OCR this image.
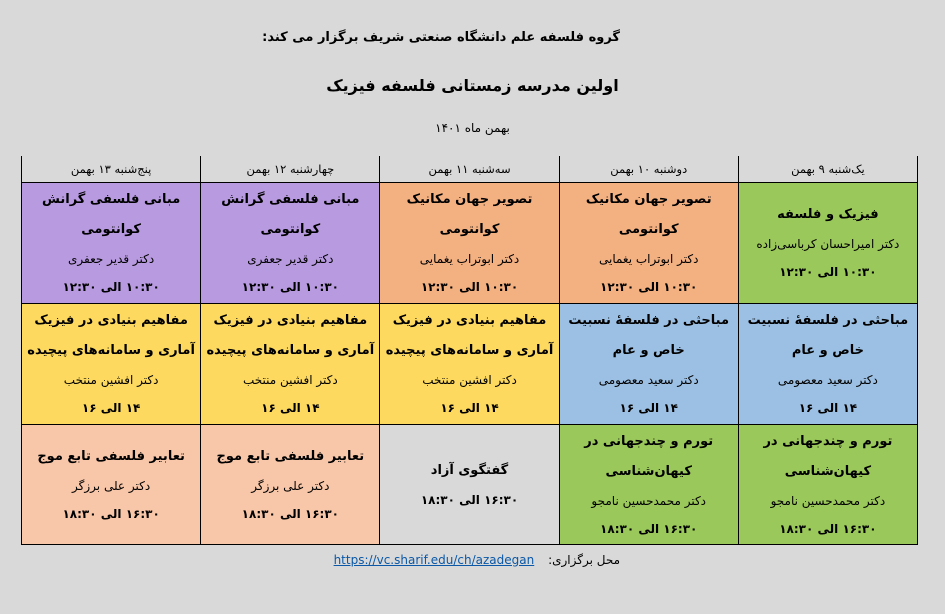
گروه فلسفه علم دانشگاه صنعتی شریف برگزار می کند:
اولین مدرسه زمستانی فلسفه فیزیک
بهمن ماه ۱۴۰۱
یک‌شنبه ۹ بهمن	دوشنبه ۱۰ بهمن	سه‌شنبه ۱۱ بهمن	چهارشنبه ۱۲ بهمن	پنج‌شنبه ۱۳ بهمن

فیزیک و فلسفه
دکتر امیراحسان کرباسی‌زاده
۱۰:۳۰ الی ۱۲:۳۰	تصویر جهان مکانیک کوانتومی
دکتر ابوتراب یغمایی
۱۰:۳۰ الی ۱۲:۳۰	تصویر جهان مکانیک کوانتومی
دکتر ابوتراب یغمایی
۱۰:۳۰ الی ۱۲:۳۰	مبانی فلسفی گرانش کوانتومی
دکتر قدیر جعفری
۱۰:۳۰ الی ۱۲:۳۰	مبانی فلسفی گرانش کوانتومی
دکتر قدیر جعفری
۱۰:۳۰ الی ۱۲:۳۰

مباحثی در فلسفهٔ نسبیت خاص و عام
دکتر سعید معصومی
۱۴ الی ۱۶	مباحثی در فلسفهٔ نسبیت خاص و عام
دکتر سعید معصومی
۱۴ الی ۱۶	مفاهیم بنیادی در فیزیک آماری و سامانه‌های پیچیده
دکتر افشین منتخب
۱۴ الی ۱۶	مفاهیم بنیادی در فیزیک آماری و سامانه‌های پیچیده
دکتر افشین منتخب
۱۴ الی ۱۶	مفاهیم بنیادی در فیزیک آماری و سامانه‌های پیچیده
دکتر افشین منتخب
۱۴ الی ۱۶

تورم و چندجهانی در کیهان‌شناسی
دکتر محمدحسین نامجو
۱۶:۳۰ الی ۱۸:۳۰	تورم و چندجهانی در کیهان‌شناسی
دکتر محمدحسین نامجو
۱۶:۳۰ الی ۱۸:۳۰	گفتگوی آزاد
۱۶:۳۰ الی ۱۸:۳۰	تعابیر فلسفی تابع موج
دکتر علی برزگر
۱۶:۳۰ الی ۱۸:۳۰	تعابیر فلسفی تابع موج
دکتر علی برزگر
۱۶:۳۰ الی ۱۸:۳۰
محل برگزاری: https://vc.sharif.edu/ch/azadegan
